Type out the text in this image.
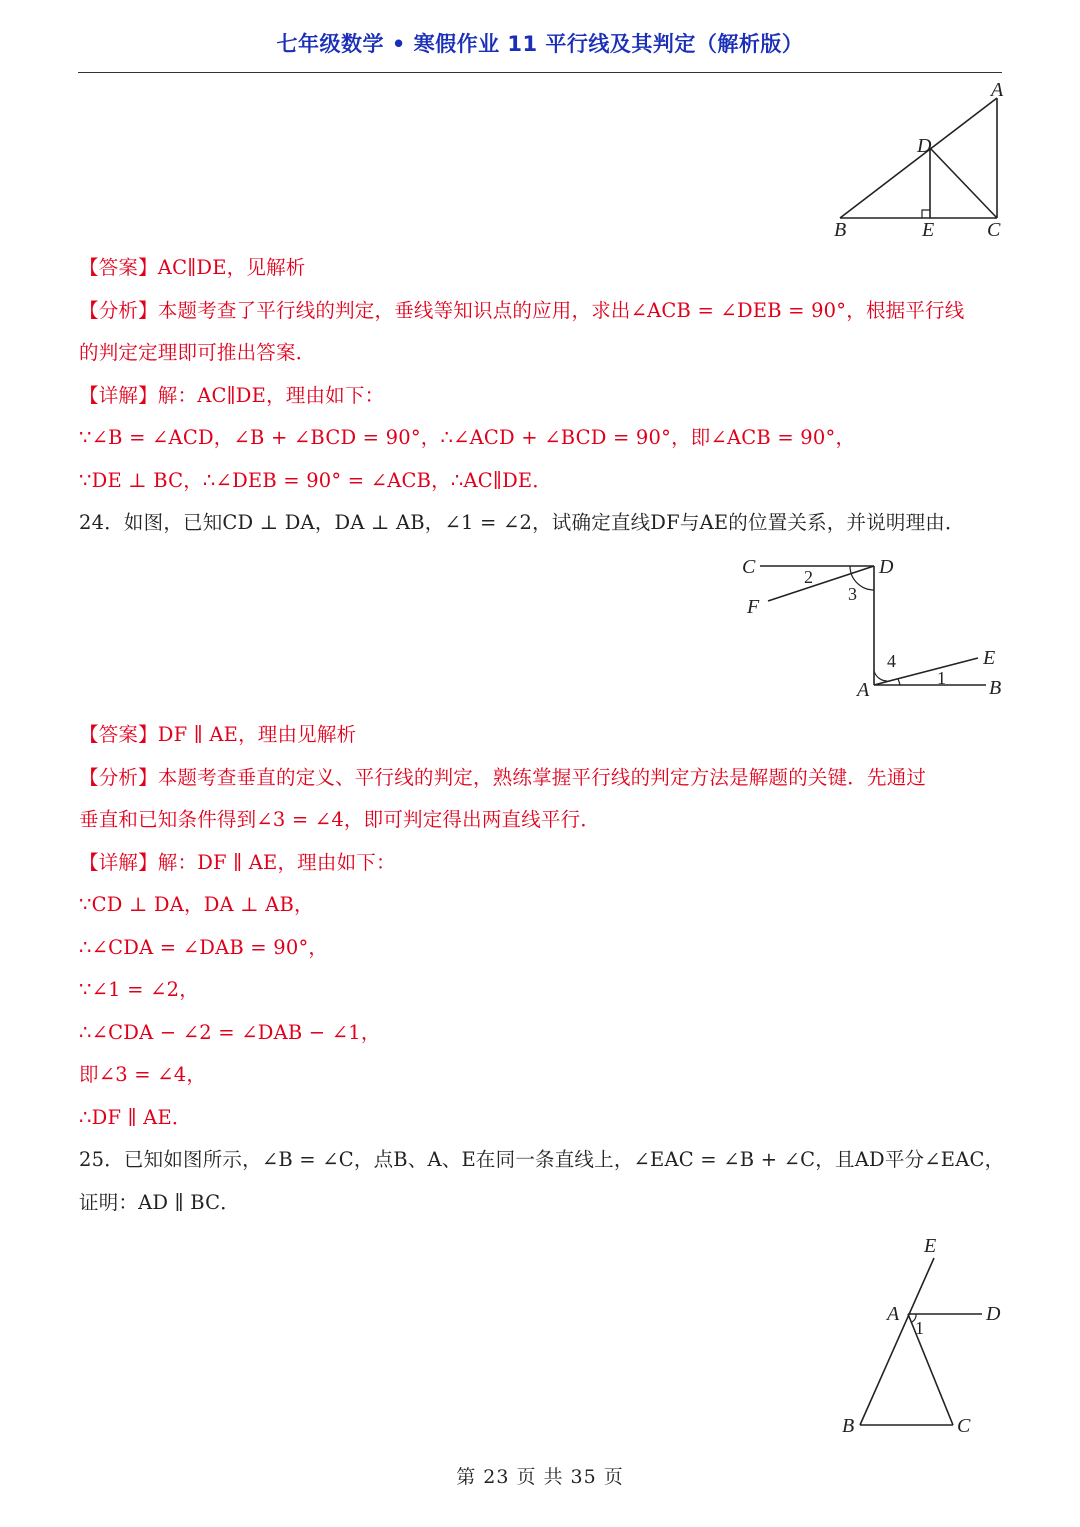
七年级数学 • 寒假作业 11 平行线及其判定（解析版）
A
D
B	E	C
【答案】AC∥DE，见解析
【分析】本题考查了平行线的判定，垂线等知识点的应用，求出∠ACB = ∠DEB = 90°，根据平行线
的判定定理即可推出答案．
【详解】解：AC∥DE，理由如下：
∵∠B = ∠ACD，∠B + ∠BCD = 90°，∴∠ACD + ∠BCD = 90°，即∠ACB = 90°，
∵DE ⊥ BC，∴∠DEB = 90° = ∠ACB，∴AC∥DE．
24．如图，已知CD ⊥ DA，DA ⊥ AB，∠1 = ∠2，试确定直线DF与AE的位置关系，并说明理由．
C	D
F
A
E
B
2
3
4
1
【答案】DF ∥ AE，理由见解析
【分析】本题考查垂直的定义、平行线的判定，熟练掌握平行线的判定方法是解题的关键．先通过
垂直和已知条件得到∠3 = ∠4，即可判定得出两直线平行．
【详解】解：DF ∥ AE，理由如下：
∵CD ⊥ DA，DA ⊥ AB，
∴∠CDA = ∠DAB = 90°，
∵∠1 = ∠2，
∴∠CDA − ∠2 = ∠DAB − ∠1，
即∠3 = ∠4，
∴DF ∥ AE．
25．已知如图所示，∠B = ∠C，点B、A、E在同一条直线上，∠EAC = ∠B + ∠C，且AD平分∠EAC，
证明：AD ∥ BC．
E
A	D
1
B	C
第 23 页 共 35 页
